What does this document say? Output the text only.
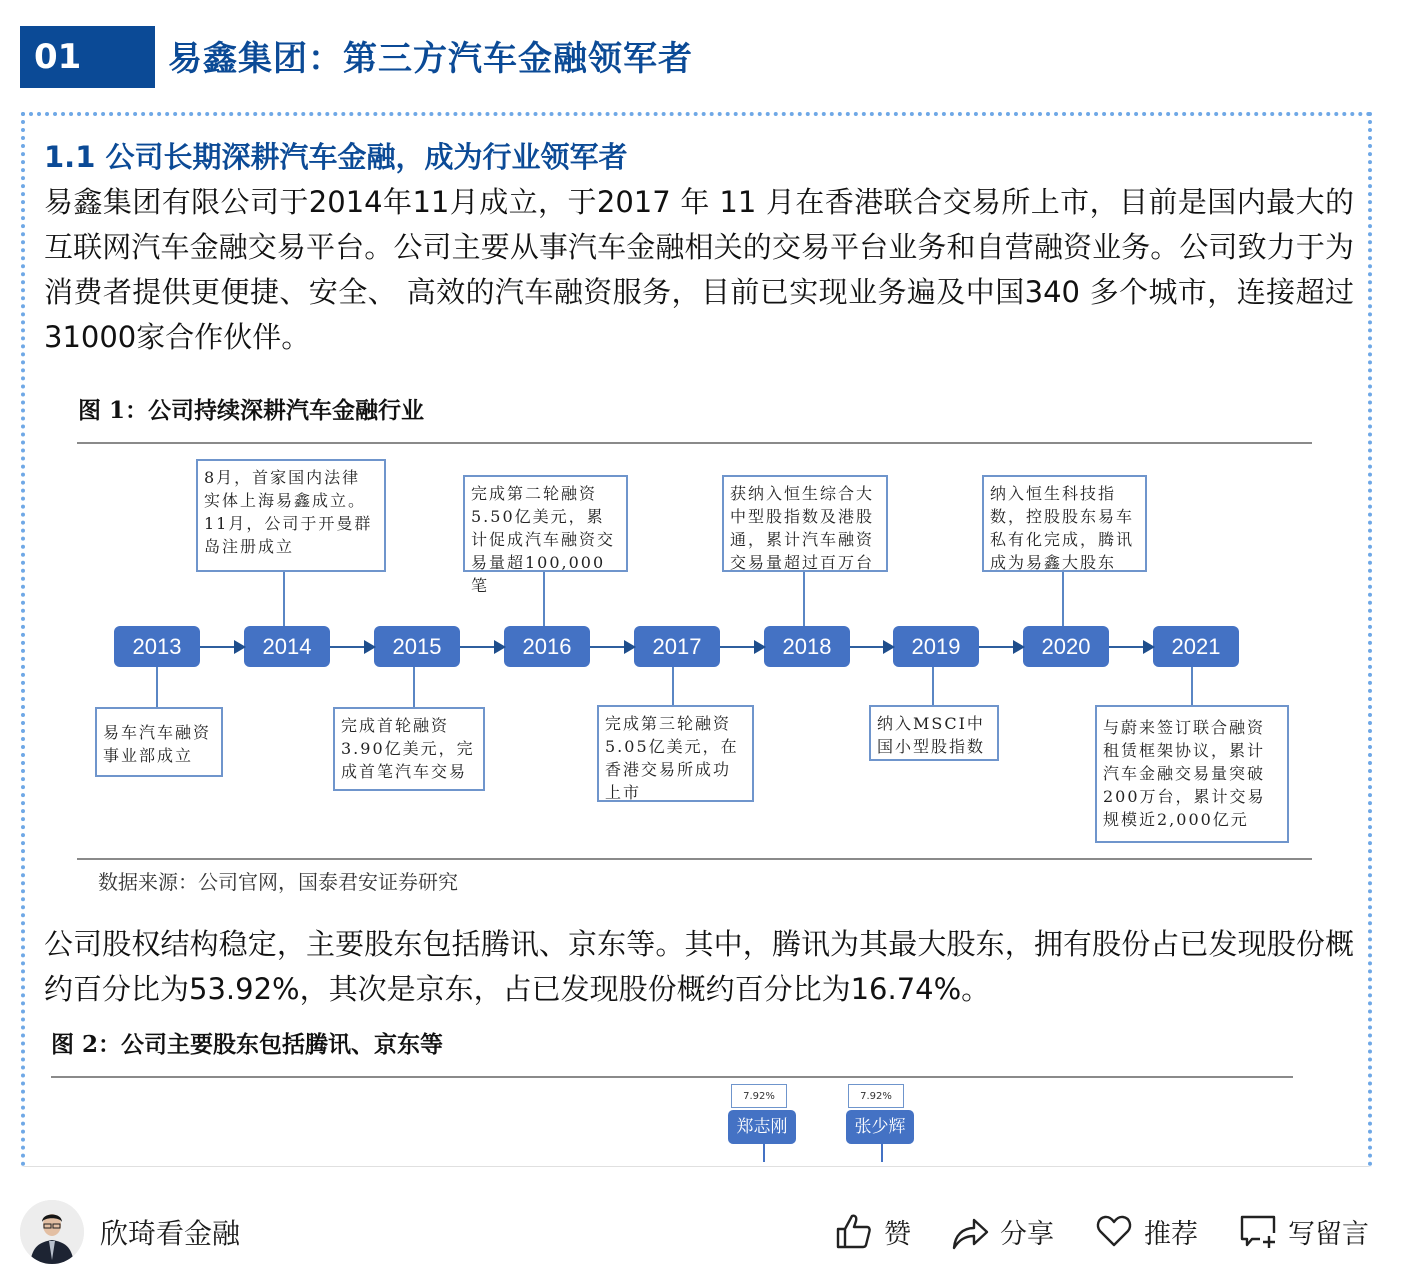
01	易鑫集团：第三方汽车金融领军者
1.1 公司长期深耕汽车金融，成为行业领军者
易鑫集团有限公司于2014年11月成立，于2017 年 11 月在香港联合交易所上市，目前是国内最大的互联网汽车金融交易平台。公司主要从事汽车金融相关的交易平台业务和自营融资业务。公司致力于为消费者提供更便捷、安全、 高效的汽车融资服务，目前已实现业务遍及中国340 多个城市，连接超过 31000家合作伙伴。
图 1：公司持续深耕汽车金融行业
2013	2014	2015	2016	2017	2018	2019	2020	2021
8月，首家国内法律实体上海易鑫成立。11月，公司于开曼群岛注册成立
完成第二轮融资5.50亿美元，累计促成汽车融资交易量超100,000笔
获纳入恒生综合大中型股指数及港股通，累计汽车融资交易量超过百万台
纳入恒生科技指数，控股股东易车私有化完成，腾讯成为易鑫大股东
易车汽车融资事业部成立
完成首轮融资3.90亿美元，完成首笔汽车交易
完成第三轮融资5.05亿美元，在香港交易所成功上市
纳入MSCI中国小型股指数
与蔚来签订联合融资租赁框架协议，累计汽车金融交易量突破200万台，累计交易规模近2,000亿元
数据来源：公司官网，国泰君安证券研究
公司股权结构稳定，主要股东包括腾讯、京东等。其中，腾讯为其最大股东，拥有股份占已发现股份概约百分比为53.92%，其次是京东，占已发现股份概约百分比为16.74%。
图 2：公司主要股东包括腾讯、京东等
7.92%
郑志刚
7.92%
张少辉
欣琦看金融	赞	分享	推荐	写留言
